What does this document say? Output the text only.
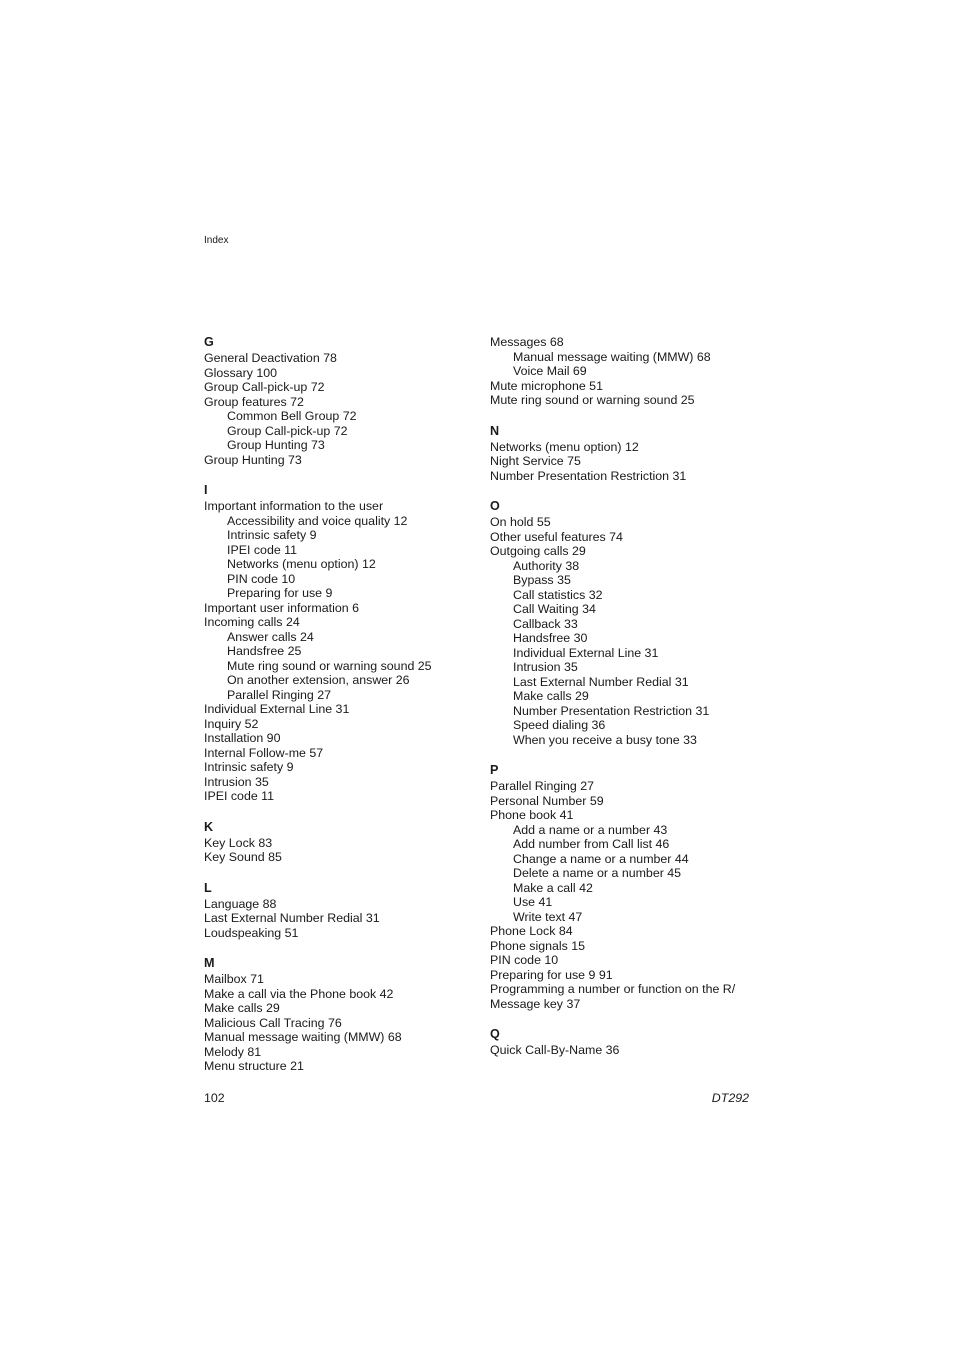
Index
G
General Deactivation 78
Glossary 100
Group Call-pick-up 72
Group features 72
Common Bell Group 72
Group Call-pick-up 72
Group Hunting 73
Group Hunting 73
I
Important information to the user
Accessibility and voice quality 12
Intrinsic safety 9
IPEI code 11
Networks (menu option) 12
PIN code 10
Preparing for use 9
Important user information 6
Incoming calls 24
Answer calls 24
Handsfree 25
Mute ring sound or warning sound 25
On another extension, answer 26
Parallel Ringing 27
Individual External Line 31
Inquiry 52
Installation 90
Internal Follow-me 57
Intrinsic safety 9
Intrusion 35
IPEI code 11
K
Key Lock 83
Key Sound 85
L
Language 88
Last External Number Redial 31
Loudspeaking 51
M
Mailbox 71
Make a call via the Phone book 42
Make calls 29
Malicious Call Tracing 76
Manual message waiting (MMW) 68
Melody 81
Menu structure 21
Messages 68
Manual message waiting (MMW) 68
Voice Mail 69
Mute microphone 51
Mute ring sound or warning sound 25
N
Networks (menu option) 12
Night Service 75
Number Presentation Restriction 31
O
On hold 55
Other useful features 74
Outgoing calls 29
Authority 38
Bypass 35
Call statistics 32
Call Waiting 34
Callback 33
Handsfree 30
Individual External Line 31
Intrusion 35
Last External Number Redial 31
Make calls 29
Number Presentation Restriction 31
Speed dialing 36
When you receive a busy tone 33
P
Parallel Ringing 27
Personal Number 59
Phone book 41
Add a name or a number 43
Add number from Call list 46
Change a name or a number 44
Delete a name or a number 45
Make a call 42
Use 41
Write text 47
Phone Lock 84
Phone signals 15
PIN code 10
Preparing for use 9 91
Programming a number or function on the R/
Message key 37
Q
Quick Call-By-Name 36
102	DT292
